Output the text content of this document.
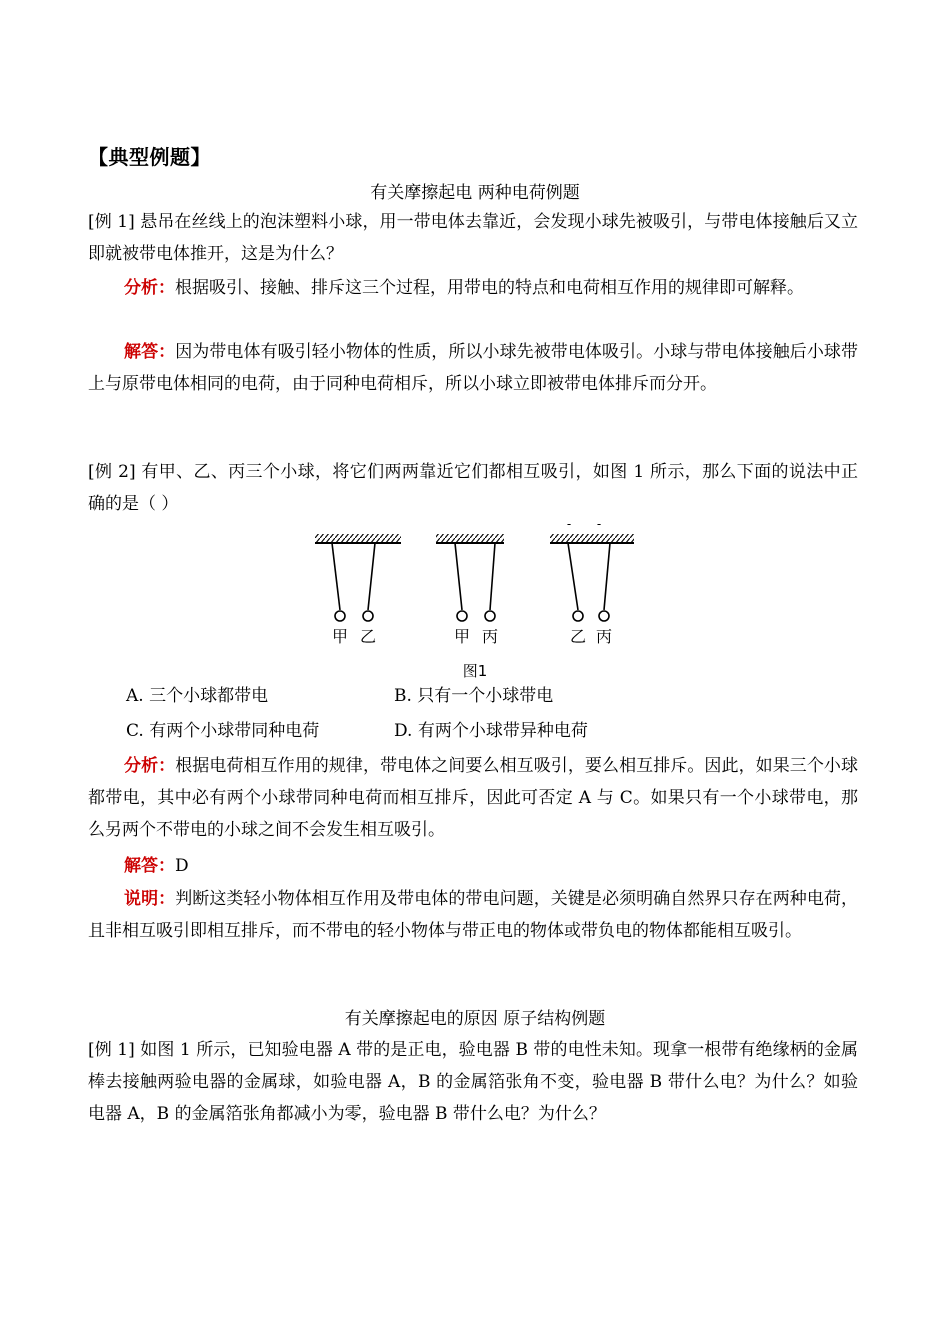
【典型例题】
有关摩擦起电 两种电荷例题
[例 1] 悬吊在丝线上的泡沫塑料小球，用一带电体去靠近，会发现小球先被吸引，与带电体接触后又立即就被带电体推开，这是为什么？
分析：根据吸引、接触、排斥这三个过程，用带电的特点和电荷相互作用的规律即可解释。
解答：因为带电体有吸引轻小物体的性质，所以小球先被带电体吸引。小球与带电体接触后小球带上与原带电体相同的电荷，由于同种电荷相斥，所以小球立即被带电体排斥而分开。
[例 2] 有甲、乙、丙三个小球，将它们两两靠近它们都相互吸引，如图 1 所示，那么下面的说法中正确的是（ ）
甲 乙	甲 丙
- -
乙 丙
图1
A. 三个小球都带电	B. 只有一个小球带电
C. 有两个小球带同种电荷	D. 有两个小球带异种电荷
分析：根据电荷相互作用的规律，带电体之间要么相互吸引，要么相互排斥。因此，如果三个小球都带电，其中必有两个小球带同种电荷而相互排斥，因此可否定 A 与 C。如果只有一个小球带电，那么另两个不带电的小球之间不会发生相互吸引。
解答：D
说明：判断这类轻小物体相互作用及带电体的带电问题，关键是必须明确自然界只存在两种电荷，且非相互吸引即相互排斥，而不带电的轻小物体与带正电的物体或带负电的物体都能相互吸引。
有关摩擦起电的原因 原子结构例题
[例 1] 如图 1 所示，已知验电器 A 带的是正电，验电器 B 带的电性未知。现拿一根带有绝缘柄的金属棒去接触两验电器的金属球，如验电器 A，B 的金属箔张角不变，验电器 B 带什么电？为什么？如验电器 A，B 的金属箔张角都减小为零，验电器 B 带什么电？为什么？
